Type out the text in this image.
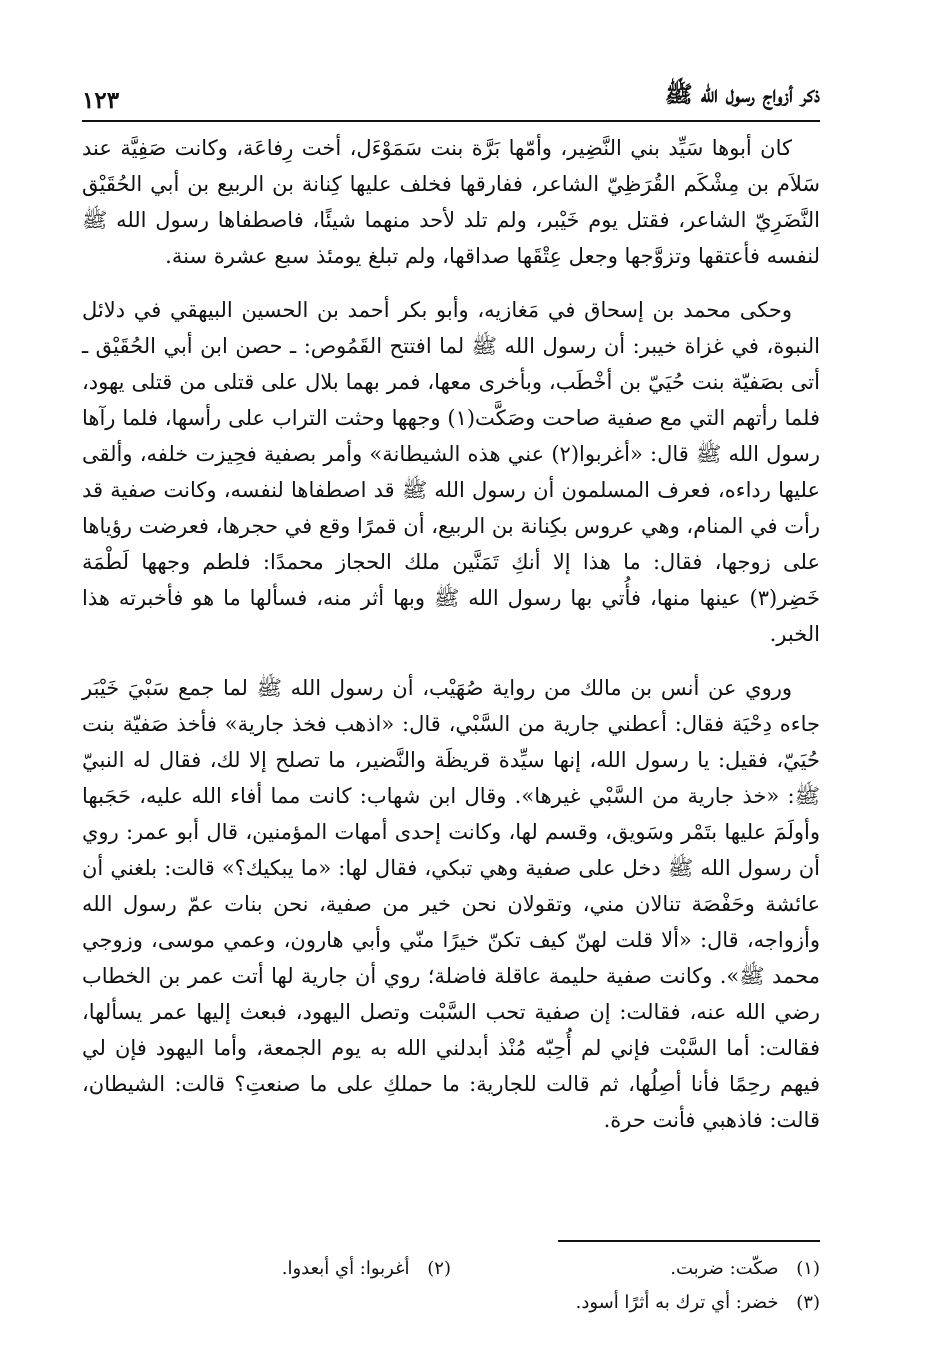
ذكر أزواج رسول الله ﷺ
١٢٣

كان أبوها سَيِّد بني النَّضِير، وأمّها بَرَّة بنت سَمَوْءَل، أخت رِفاعَة، وكانت صَفِيَّة عند سَلاَم بن مِشْكَم القُرَظِيّ الشاعر، ففارقها فخلف عليها كِنانة بن الربيع بن أبي الحُقَيْق النَّضَرِيّ الشاعر، فقتل يوم خَيْبر، ولم تلد لأحد منهما شيئًا، فاصطفاها رسول الله ﷺ لنفسه فأعتقها وتزوَّجها وجعل عِتْقَها صداقها، ولم تبلغ يومئذ سبع عشرة سنة.

وحكى محمد بن إسحاق في مَغازيه، وأبو بكر أحمد بن الحسين البيهقي في دلائل النبوة، في غزاة خيبر: أن رسول الله ﷺ لما افتتح القَمُوص: ـ حصن ابن أبي الحُقَيْق ـ أتى بصَفيّة بنت حُيَيّ بن أخْطَب، وبأخرى معها، فمر بهما بلال على قتلى من قتلى يهود، فلما رأتهم التي مع صفية صاحت وصَكَّت(١) وجهها وحثت التراب على رأسها، فلما رآها رسول الله ﷺ قال: «أغربوا(٢) عني هذه الشيطانة» وأمر بصفية فحِيزت خلفه، وألقى عليها رداءه، فعرف المسلمون أن رسول الله ﷺ قد اصطفاها لنفسه، وكانت صفية قد رأت في المنام، وهي عروس بكِنانة بن الربيع، أن قمرًا وقع في حجرها، فعرضت رؤياها على زوجها، فقال: ما هذا إلا أنكِ تَمَنَّين ملك الحجاز محمدًا: فلطم وجهها لَطْمَة خَضِر(٣) عينها منها، فأُتي بها رسول الله ﷺ وبها أثر منه، فسألها ما هو فأخبرته هذا الخبر.

وروي عن أنس بن مالك من رواية صُهَيْب، أن رسول الله ﷺ لما جمع سَبْيَ خَيْبَر جاءه دِحْيَة فقال: أعطني جارية من السَّبْي، قال: «اذهب فخذ جارية» فأخذ صَفيّة بنت حُيَيّ، فقيل: يا رسول الله، إنها سيِّدة قريظَة والنَّضير، ما تصلح إلا لك، فقال له النبيّ ﷺ: «خذ جارية من السَّبْي غيرها». وقال ابن شهاب: كانت مما أفاء الله عليه، حَجَبها وأولَمَ عليها بتَمْر وسَويق، وقسم لها، وكانت إحدى أمهات المؤمنين، قال أبو عمر: روي أن رسول الله ﷺ دخل على صفية وهي تبكي، فقال لها: «ما يبكيك؟» قالت: بلغني أن عائشة وحَفْصَة تنالان مني، وتقولان نحن خير من صفية، نحن بنات عمّ رسول الله وأزواجه، قال: «ألا قلت لهنّ كيف تكنّ خيرًا منّي وأبي هارون، وعمي موسى، وزوجي محمد ﷺ». وكانت صفية حليمة عاقلة فاضلة؛ روي أن جارية لها أتت عمر بن الخطاب رضي الله عنه، فقالت: إن صفية تحب السَّبْت وتصل اليهود، فبعث إليها عمر يسألها، فقالت: أما السَّبْت فإني لم أُحِبّه مُنْذ أبدلني الله به يوم الجمعة، وأما اليهود فإن لي فيهم رحِمًا فأنا أصِلُها، ثم قالت للجارية: ما حملكِ على ما صنعتِ؟ قالت: الشيطان، قالت: فاذهبي فأنت حرة.

(١) صكّت: ضربت.
(٢) أغربوا: أي أبعدوا.
(٣) خضر: أي ترك به أثرًا أسود.
